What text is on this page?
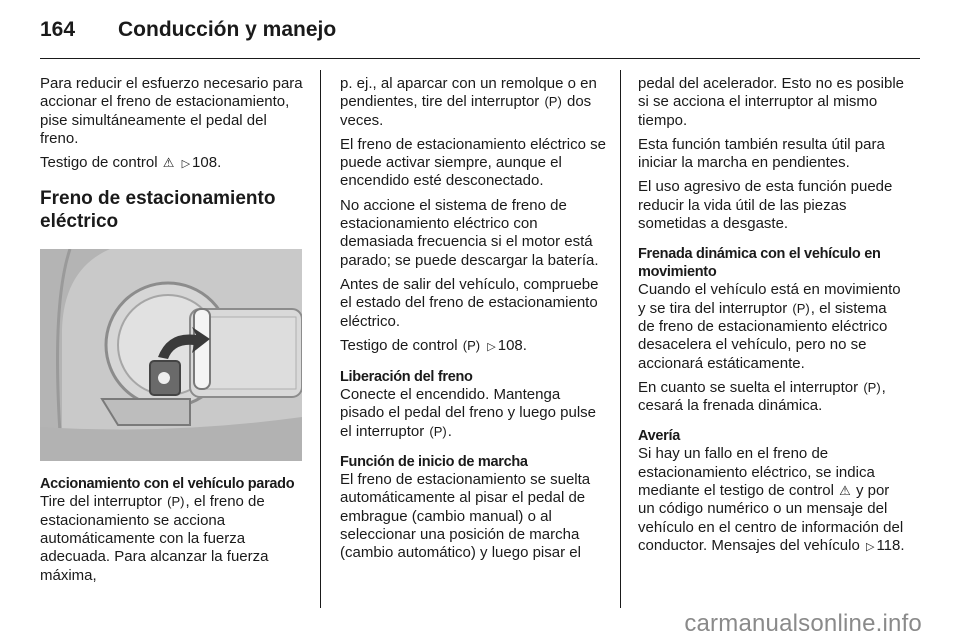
164 Conducción y manejo

Para reducir el esfuerzo necesario para accionar el freno de estacionamiento, pise simultáneamente el pedal del freno.

Testigo de control ⚠ ▷ 108.

Freno de estacionamiento eléctrico
Accionamiento con el vehículo parado

Tire del interruptor (P), el freno de estacionamiento se acciona automáticamente con la fuerza adecuada. Para alcanzar la fuerza máxima,

p. ej., al aparcar con un remolque o en pendientes, tire del interruptor (P) dos veces.

El freno de estacionamiento eléctrico se puede activar siempre, aunque el encendido esté desconectado.

No accione el sistema de freno de estacionamiento eléctrico con demasiada frecuencia si el motor está parado; se puede descargar la batería.

Antes de salir del vehículo, compruebe el estado del freno de estacionamiento eléctrico.

Testigo de control (P) ▷ 108.

Liberación del freno

Conecte el encendido. Mantenga pisado el pedal del freno y luego pulse el interruptor (P).

Función de inicio de marcha

El freno de estacionamiento se suelta automáticamente al pisar el pedal de embrague (cambio manual) o al seleccionar una posición de marcha (cambio automático) y luego pisar el

pedal del acelerador. Esto no es posible si se acciona el interruptor al mismo tiempo.

Esta función también resulta útil para iniciar la marcha en pendientes.

El uso agresivo de esta función puede reducir la vida útil de las piezas sometidas a desgaste.

Frenada dinámica con el vehículo en movimiento

Cuando el vehículo está en movimiento y se tira del interruptor (P), el sistema de freno de estacionamiento eléctrico desacelera el vehículo, pero no se accionará estáticamente.

En cuanto se suelta el interruptor (P), cesará la frenada dinámica.

Avería

Si hay un fallo en el freno de estacionamiento eléctrico, se indica mediante el testigo de control ⚠ y por un código numérico o un mensaje del vehículo en el centro de información del conductor. Mensajes del vehículo ▷ 118.

carmanualsonline.info
